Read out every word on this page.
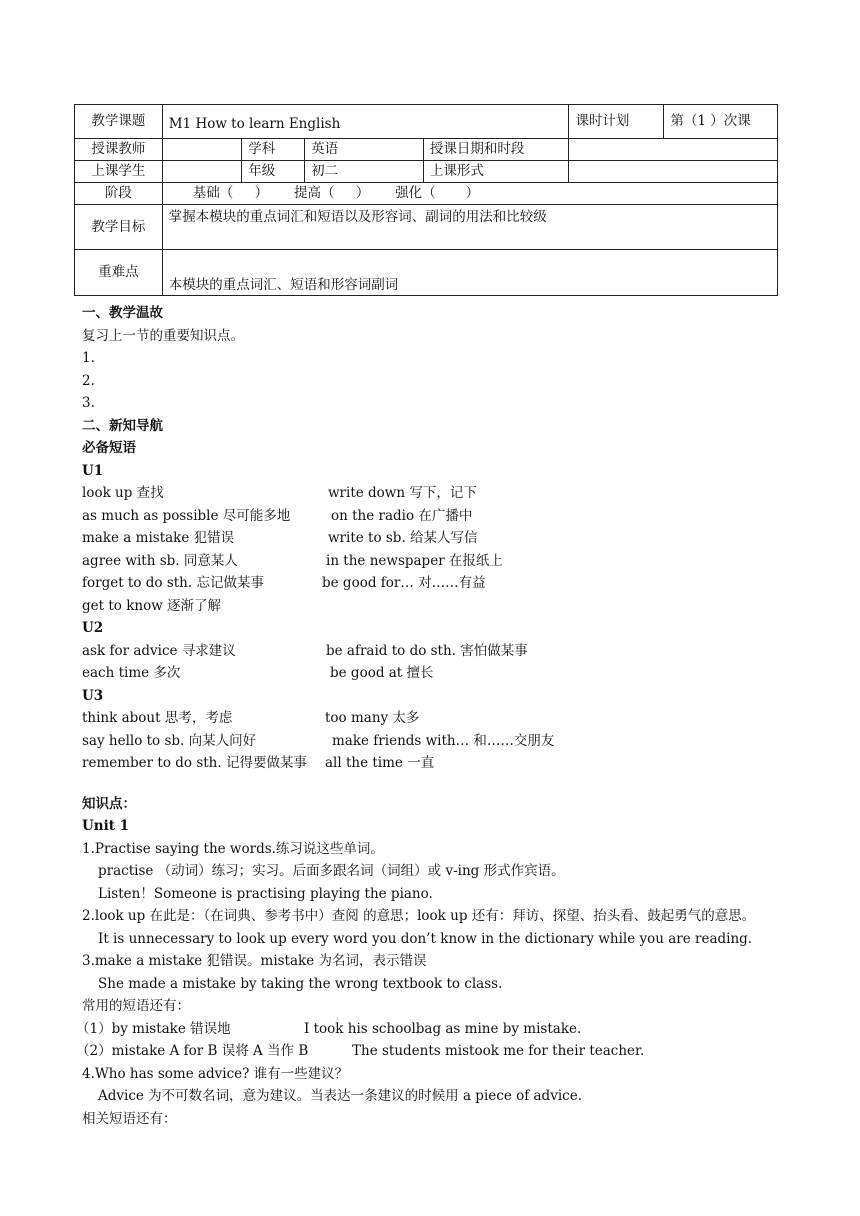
教学课题	M1 How to learn English				课时计划	第（1 ）次课
授课教师		学科	英语	授课日期和时段		
上课学生		年级	初二	上课形式		
阶段	基础（     ）      提高（     ）      强化（       ）					
教学目标	掌握本模块的重点词汇和短语以及形容词、副词的用法和比较级					
重难点	本模块的重点词汇、短语和形容词副词					
一、教学温故
复习上一节的重要知识点。
1.
2.
3.
二、新知导航
必备短语
U1
look up 查找	write down 写下，记下
as much as possible 尽可能多地	on the radio 在广播中
make a mistake 犯错误	write to sb. 给某人写信
agree with sb. 同意某人	in the newspaper 在报纸上
forget to do sth. 忘记做某事	be good for… 对……有益
get to know 逐渐了解
U2
ask for advice 寻求建议	be afraid to do sth. 害怕做某事
each time 多次	be good at 擅长
U3
think about 思考，考虑	too many 太多
say hello to sb. 向某人问好	make friends with… 和……交朋友
remember to do sth. 记得要做某事 all the time 一直
知识点：
Unit 1
1.Practise saying the words.练习说这些单词。
practise （动词）练习；实习。后面多跟名词（词组）或 v-ing 形式作宾语。
Listen！Someone is practising playing the piano.
2.look up 在此是：（在词典、参考书中）查阅 的意思；look up 还有：拜访、探望、抬头看、鼓起勇气的意思。
It is unnecessary to look up every word you don’t know in the dictionary while you are reading.
3.make a mistake 犯错误。mistake 为名词，表示错误
She made a mistake by taking the wrong textbook to class.
常用的短语还有：
（1）by mistake 错误地	I took his schoolbag as mine by mistake.
（2）mistake A for B 误将 A 当作 B	The students mistook me for their teacher.
4.Who has some advice? 谁有一些建议？
Advice 为不可数名词，意为建议。当表达一条建议的时候用 a piece of advice.
相关短语还有：
